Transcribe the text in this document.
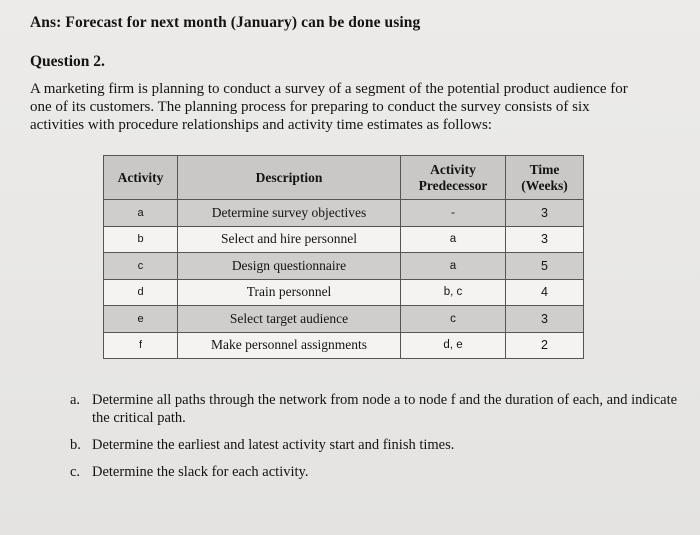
Ans: Forecast for next month (January) can be done using
Question 2.
A marketing firm is planning to conduct a survey of a segment of the potential product audience for
one of its customers. The planning process for preparing to conduct the survey consists of six
activities with procedure relationships and activity time estimates as follows:
Activity	Description	Activity Predecessor	Time (Weeks)
a	Determine survey objectives	-	3
b	Select and hire personnel	a	3
c	Design questionnaire	a	5
d	Train personnel	b, c	4
e	Select target audience	c	3
f	Make personnel assignments	d, e	2
a. Determine all paths through the network from node a to node f and the duration of each, and indicate the critical path.
b. Determine the earliest and latest activity start and finish times.
c. Determine the slack for each activity.
